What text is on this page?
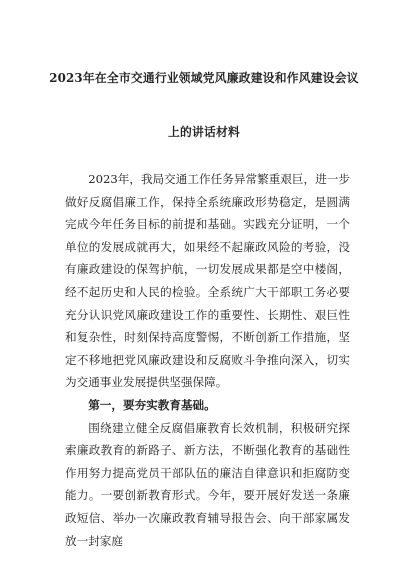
2023年在全市交通行业领域党风廉政建设和作风建设会议
上的讲话材料

2023年，我局交通工作任务异常繁重艰巨，进一步做好反腐倡廉工作，保持全系统廉政形势稳定，是圆满完成今年任务目标的前提和基础。实践充分证明，一个单位的发展成就再大，如果经不起廉政风险的考验，没有廉政建设的保驾护航，一切发展成果都是空中楼阁，经不起历史和人民的检验。全系统广大干部职工务必要充分认识党风廉政建设工作的重要性、长期性、艰巨性和复杂性，时刻保持高度警惕，不断创新工作措施，坚定不移地把党风廉政建设和反腐败斗争推向深入，切实为交通事业发展提供坚强保障。

第一，要夯实教育基础。

围绕建立健全反腐倡廉教育长效机制，积极研究探索廉政教育的新路子、新方法，不断强化教育的基础性作用努力提高党员干部队伍的廉洁自律意识和拒腐防变能力。一要创新教育形式。今年，要开展好发送一条廉政短信、举办一次廉政教育辅导报告会、向干部家属发放一封家庭
